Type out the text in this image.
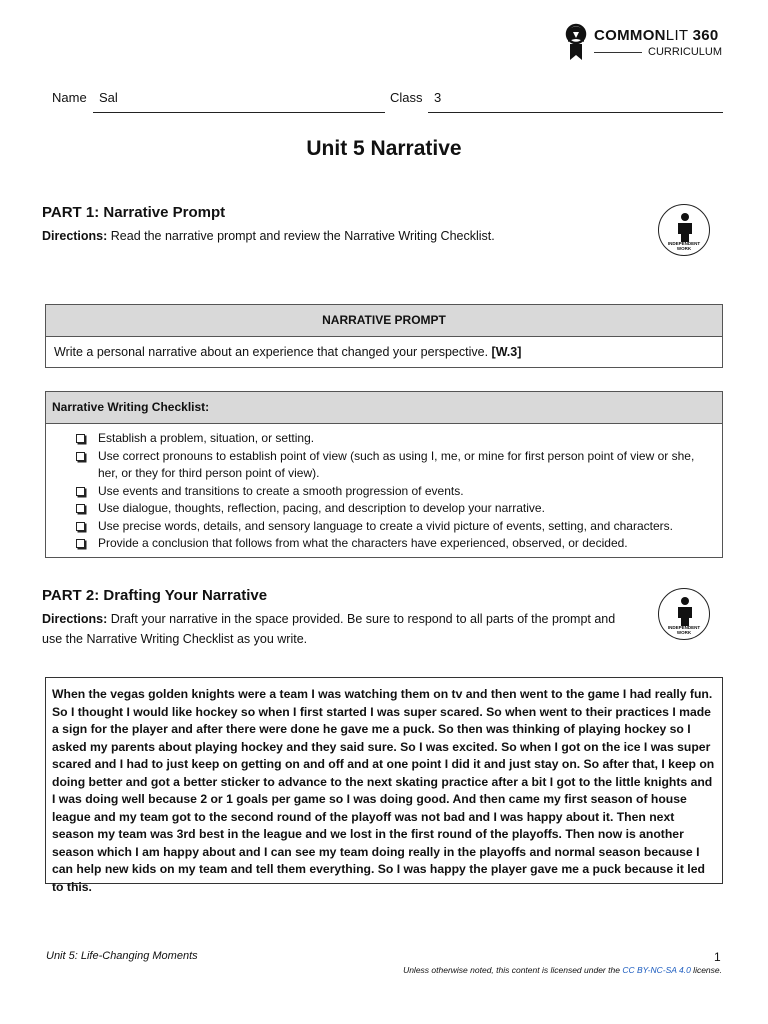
COMMONLIT 360
CURRICULUM
Name Sal	Class 3
Unit 5 Narrative
PART 1: Narrative Prompt
Directions: Read the narrative prompt and review the Narrative Writing Checklist.
INDEPENDENT
WORK
NARRATIVE PROMPT
Write a personal narrative about an experience that changed your perspective. [W.3]
Narrative Writing Checklist:
Establish a problem, situation, or setting.
Use correct pronouns to establish point of view (such as using I, me, or mine for first person point of view or she, her, or they for third person point of view).
Use events and transitions to create a smooth progression of events.
Use dialogue, thoughts, reflection, pacing, and description to develop your narrative.
Use precise words, details, and sensory language to create a vivid picture of events, setting, and characters.
Provide a conclusion that follows from what the characters have experienced, observed, or decided.
PART 2: Drafting Your Narrative
Directions: Draft your narrative in the space provided. Be sure to respond to all parts of the prompt and use the Narrative Writing Checklist as you write.
INDEPENDENT
WORK

When the vegas golden knights were a team I was watching them on tv and then went to the game I had really fun. So I thought I would like hockey so when I first started I was super scared. So when went to their practices I made a sign for the player and after there were done he gave me a puck. So then was thinking of playing hockey so I asked my parents about playing hockey and they said sure. So I was excited. So when I got on the ice I was super scared and I had to just keep on getting on and off and at one point I did it and just stay on. So after that, I keep on doing better and got a better sticker to advance to the next skating practice after a bit I got to the little knights and I was doing well because 2 or 1 goals per game so I was doing good. And then came my first season of house league and my team got to the second round of the playoff was not bad and I was happy about it. Then next season my team was 3rd best in the league and we lost in the first round of the playoffs. Then now is another season which I am happy about and I can see my team doing really in the playoffs and normal season because I can help new kids on my team and tell them everything. So I was happy the player gave me a puck because it led to this.

Unit 5: Life-Changing Moments	1
Unless otherwise noted, this content is licensed under the CC BY-NC-SA 4.0 license.
